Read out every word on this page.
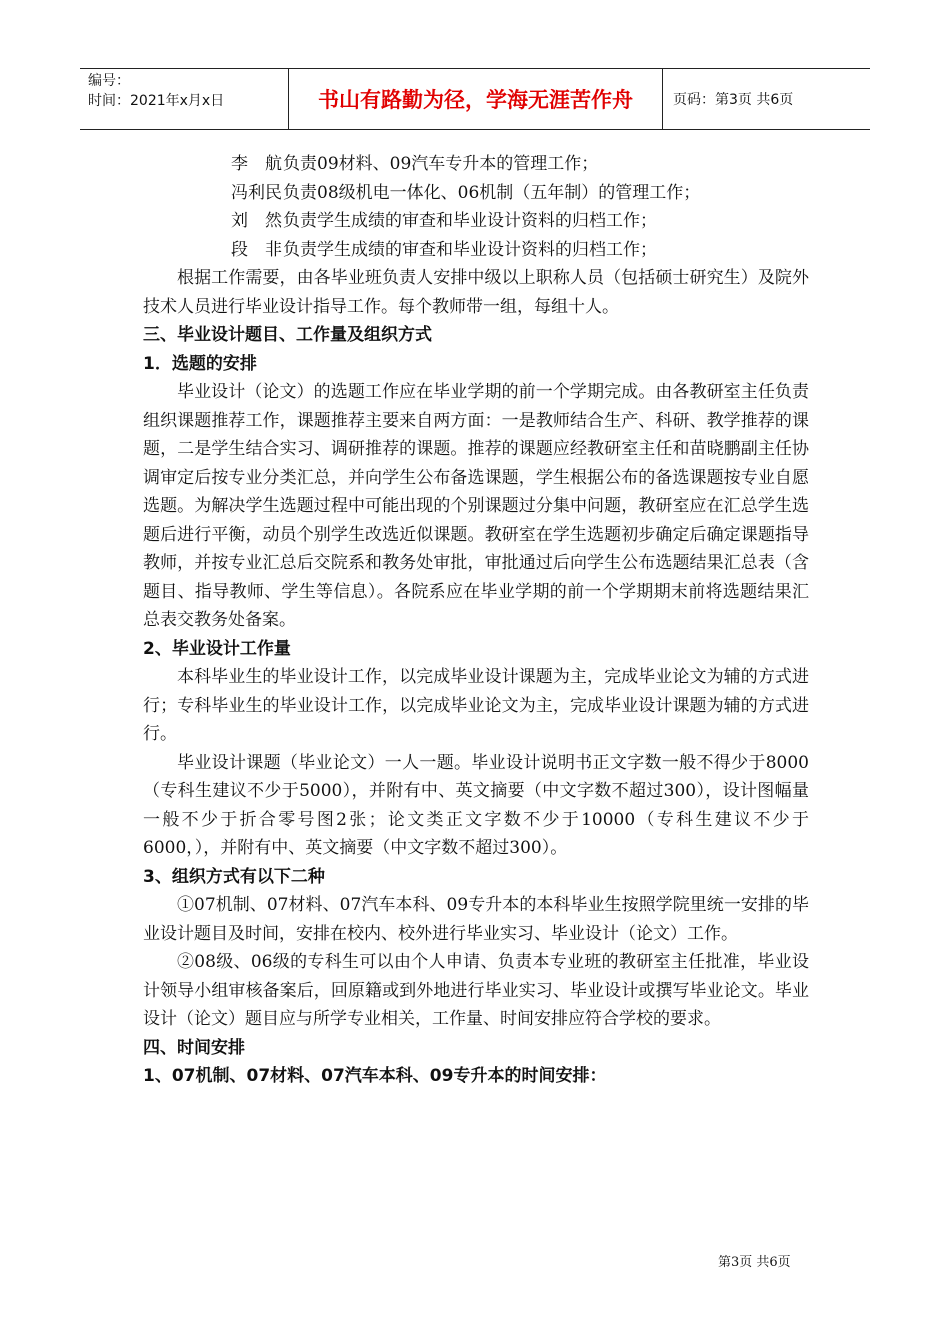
编号：
时间：2021年x月x日	书山有路勤为径，学海无涯苦作舟	页码：第3页 共6页
李　航 负责09材料、09汽车专升本的管理工作；
冯利民 负责08级机电一体化、06机制（五年制）的管理工作；
刘　然 负责学生成绩的审查和毕业设计资料的归档工作；
段　非 负责学生成绩的审查和毕业设计资料的归档工作；

根据工作需要，由各毕业班负责人安排中级以上职称人员（包括硕士研究生）及院外技术人员进行毕业设计指导工作。每个教师带一组，每组十人。

三、毕业设计题目、工作量及组织方式

1．选题的安排

毕业设计（论文）的选题工作应在毕业学期的前一个学期完成。由各教研室主任负责组织课题推荐工作，课题推荐主要来自两方面：一是教师结合生产、科研、教学推荐的课题，二是学生结合实习、调研推荐的课题。推荐的课题应经教研室主任和苗晓鹏副主任协调审定后按专业分类汇总，并向学生公布备选课题，学生根据公布的备选课题按专业自愿选题。为解决学生选题过程中可能出现的个别课题过分集中问题，教研室应在汇总学生选题后进行平衡，动员个别学生改选近似课题。教研室在学生选题初步确定后确定课题指导教师，并按专业汇总后交院系和教务处审批，审批通过后向学生公布选题结果汇总表（含题目、指导教师、学生等信息）。各院系应在毕业学期的前一个学期期末前将选题结果汇总表交教务处备案。

2、毕业设计工作量

本科毕业生的毕业设计工作，以完成毕业设计课题为主，完成毕业论文为辅的方式进行；专科毕业生的毕业设计工作，以完成毕业论文为主，完成毕业设计课题为辅的方式进行。

毕业设计课题（毕业论文）一人一题。毕业设计说明书正文字数一般不得少于8000（专科生建议不少于5000），并附有中、英文摘要（中文字数不超过300），设计图幅量一般不少于折合零号图2张；论文类正文字数不少于10000（专科生建议不少于6000，），并附有中、英文摘要（中文字数不超过300）。

3、组织方式有以下二种

①07机制、07材料、07汽车本科、09专升本的本科毕业生按照学院里统一安排的毕业设计题目及时间，安排在校内、校外进行毕业实习、毕业设计（论文）工作。

②08级、06级的专科生可以由个人申请、负责本专业班的教研室主任批准，毕业设计领导小组审核备案后，回原籍或到外地进行毕业实习、毕业设计或撰写毕业论文。毕业设计（论文）题目应与所学专业相关，工作量、时间安排应符合学校的要求。

四、时间安排

1、07机制、07材料、07汽车本科、09专升本的时间安排：

第3页 共6页
